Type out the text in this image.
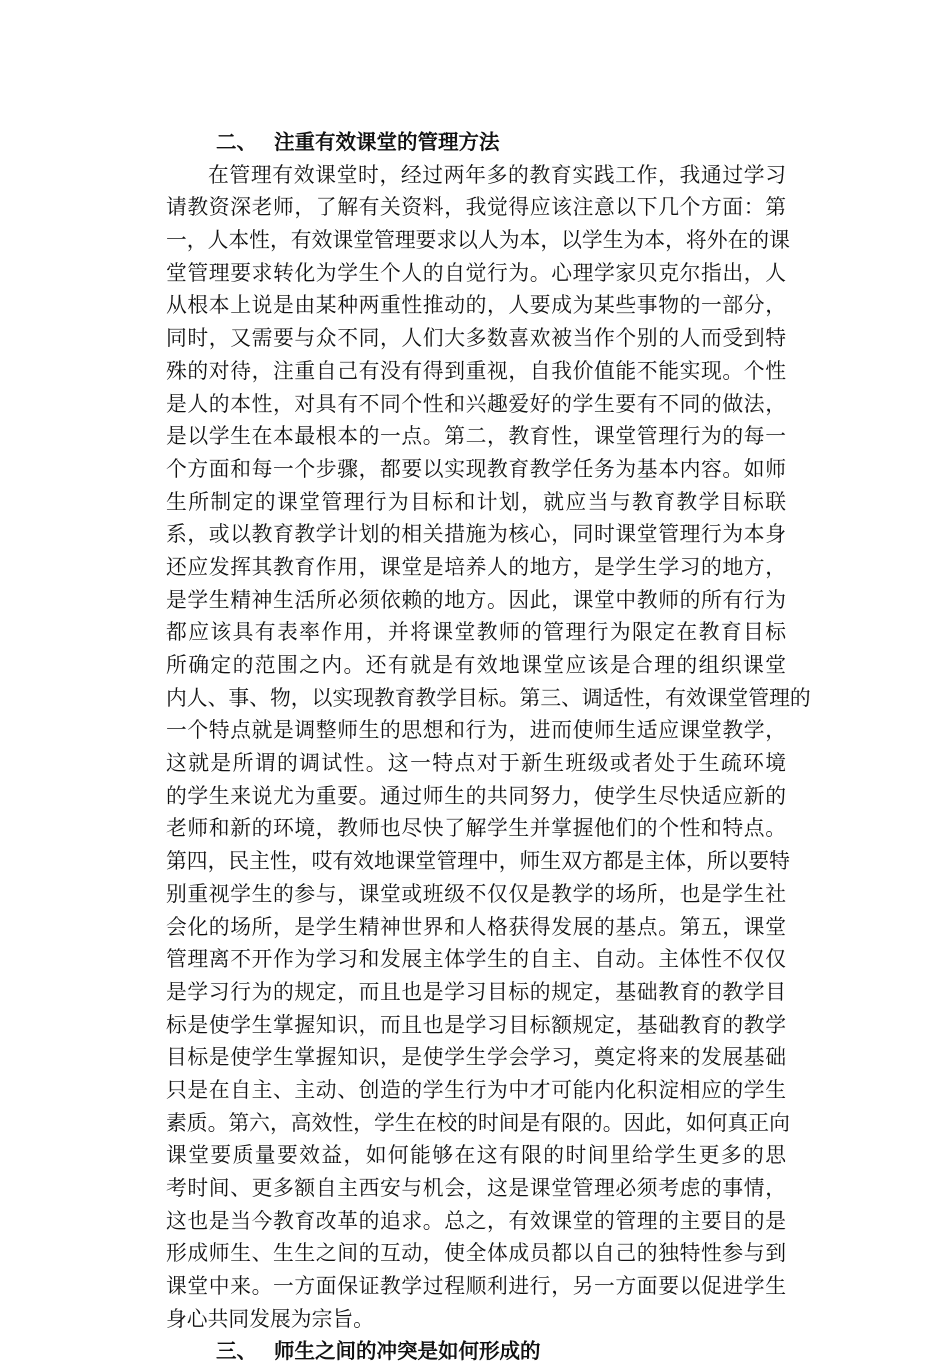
二、 注重有效课堂的管理方法
在管理有效课堂时，经过两年多的教育实践工作，我通过学习
请教资深老师，了解有关资料，我觉得应该注意以下几个方面：第
一，人本性，有效课堂管理要求以人为本，以学生为本，将外在的课
堂管理要求转化为学生个人的自觉行为。心理学家贝克尔指出，人
从根本上说是由某种两重性推动的，人要成为某些事物的一部分，
同时，又需要与众不同，人们大多数喜欢被当作个别的人而受到特
殊的对待，注重自己有没有得到重视，自我价值能不能实现。个性
是人的本性，对具有不同个性和兴趣爱好的学生要有不同的做法，
是以学生在本最根本的一点。第二，教育性，课堂管理行为的每一
个方面和每一个步骤，都要以实现教育教学任务为基本内容。如师
生所制定的课堂管理行为目标和计划，就应当与教育教学目标联
系，或以教育教学计划的相关措施为核心，同时课堂管理行为本身
还应发挥其教育作用，课堂是培养人的地方，是学生学习的地方，
是学生精神生活所必须依赖的地方。因此，课堂中教师的所有行为
都应该具有表率作用，并将课堂教师的管理行为限定在教育目标
所确定的范围之内。还有就是有效地课堂应该是合理的组织课堂
内人、事、物，以实现教育教学目标。第三、调适性，有效课堂管理的
一个特点就是调整师生的思想和行为，进而使师生适应课堂教学，
这就是所谓的调试性。这一特点对于新生班级或者处于生疏环境
的学生来说尤为重要。通过师生的共同努力，使学生尽快适应新的
老师和新的环境，教师也尽快了解学生并掌握他们的个性和特点。
第四，民主性，哎有效地课堂管理中，师生双方都是主体，所以要特
别重视学生的参与，课堂或班级不仅仅是教学的场所，也是学生社
会化的场所，是学生精神世界和人格获得发展的基点。第五，课堂
管理离不开作为学习和发展主体学生的自主、自动。主体性不仅仅
是学习行为的规定，而且也是学习目标的规定，基础教育的教学目
标是使学生掌握知识，而且也是学习目标额规定，基础教育的教学
目标是使学生掌握知识，是使学生学会学习，奠定将来的发展基础
只是在自主、主动、创造的学生行为中才可能内化积淀相应的学生
素质。第六，高效性，学生在校的时间是有限的。因此，如何真正向
课堂要质量要效益，如何能够在这有限的时间里给学生更多的思
考时间、更多额自主西安与机会，这是课堂管理必须考虑的事情，
这也是当今教育改革的追求。总之，有效课堂的管理的主要目的是
形成师生、生生之间的互动，使全体成员都以自己的独特性参与到
课堂中来。一方面保证教学过程顺利进行，另一方面要以促进学生
身心共同发展为宗旨。
三、 师生之间的冲突是如何形成的
